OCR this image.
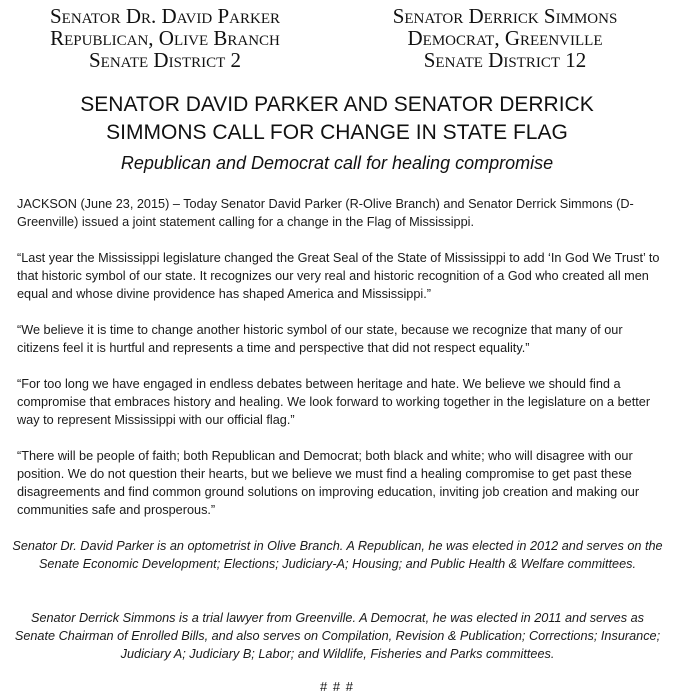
Senator Dr. David Parker
Republican, Olive Branch
Senate District 2
Senator Derrick Simmons
Democrat, Greenville
Senate District 12
SENATOR DAVID PARKER AND SENATOR DERRICK
SIMMONS CALL FOR CHANGE IN STATE FLAG
Republican and Democrat call for healing compromise
JACKSON (June 23, 2015) – Today Senator David Parker (R-Olive Branch) and Senator Derrick Simmons (D-Greenville) issued a joint statement calling for a change in the Flag of Mississippi.
“Last year the Mississippi legislature changed the Great Seal of the State of Mississippi to add ‘In God We Trust’ to that historic symbol of our state. It recognizes our very real and historic recognition of a God who created all men equal and whose divine providence has shaped America and Mississippi.”
“We believe it is time to change another historic symbol of our state, because we recognize that many of our citizens feel it is hurtful and represents a time and perspective that did not respect equality.”
“For too long we have engaged in endless debates between heritage and hate. We believe we should find a compromise that embraces history and healing. We look forward to working together in the legislature on a better way to represent Mississippi with our official flag.”
“There will be people of faith; both Republican and Democrat; both black and white; who will disagree with our position. We do not question their hearts, but we believe we must find a healing compromise to get past these disagreements and find common ground solutions on improving education, inviting job creation and making our communities safe and prosperous.”
Senator Dr. David Parker is an optometrist in Olive Branch. A Republican, he was elected in 2012 and serves on the Senate Economic Development; Elections; Judiciary-A; Housing; and Public Health & Welfare committees.
Senator Derrick Simmons is a trial lawyer from Greenville. A Democrat, he was elected in 2011 and serves as Senate Chairman of Enrolled Bills, and also serves on Compilation, Revision & Publication; Corrections; Insurance; Judiciary A; Judiciary B; Labor; and Wildlife, Fisheries and Parks committees.
# # #
